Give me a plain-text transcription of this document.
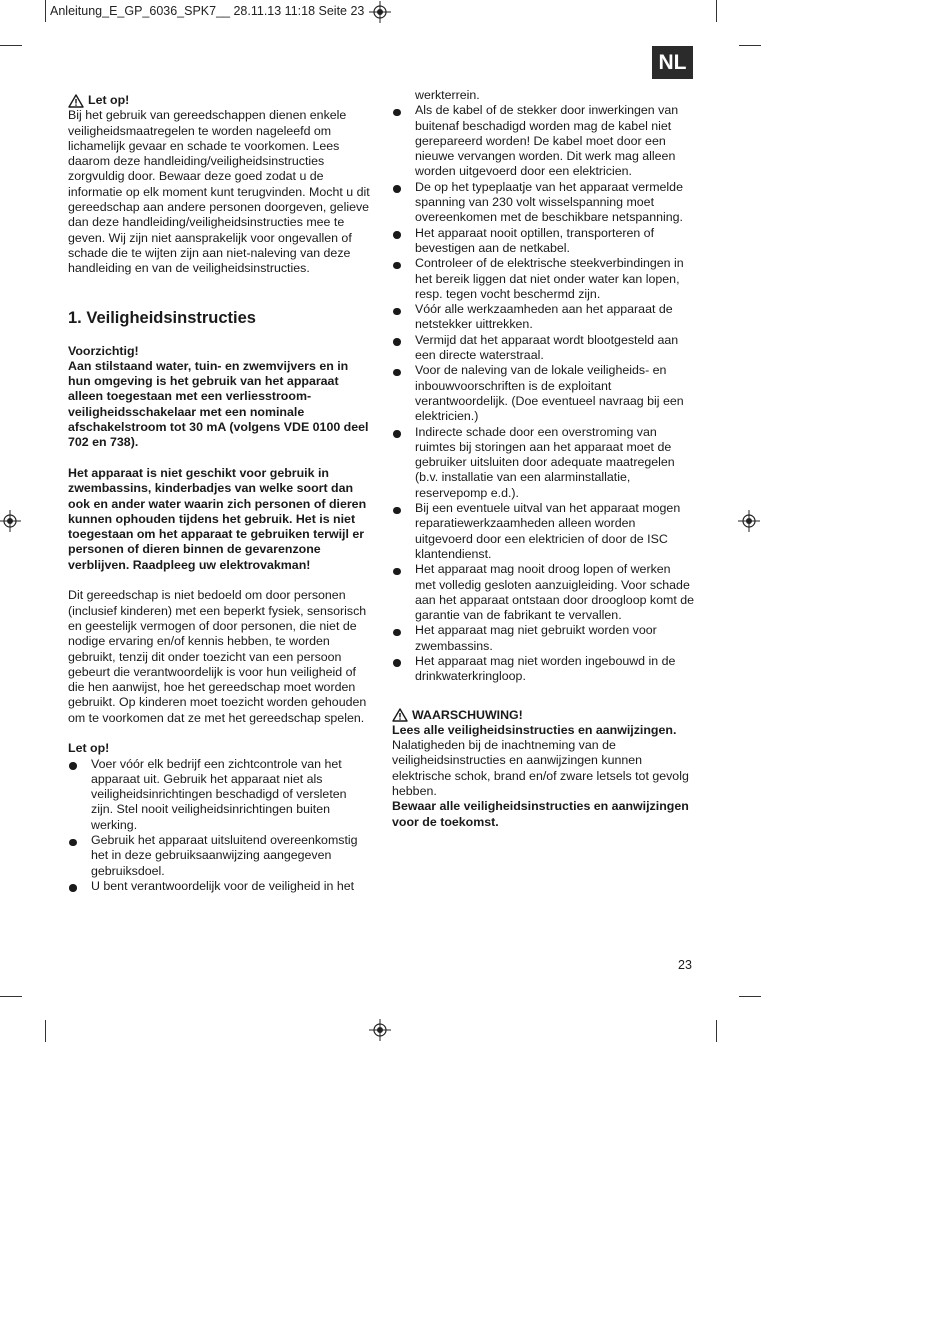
Anleitung_E_GP_6036_SPK7__ 28.11.13 11:18 Seite 23
NL
Let op!

Bij het gebruik van gereedschappen dienen enkele veiligheidsmaatregelen te worden nageleefd om lichamelijk gevaar en schade te voorkomen. Lees daarom deze handleiding/veiligheidsinstructies zorgvuldig door. Bewaar deze goed zodat u de informatie op elk moment kunt terugvinden. Mocht u dit gereedschap aan andere personen doorgeven, gelieve dan deze handleiding/veiligheidsinstructies mee te geven. Wij zijn niet aansprakelijk voor ongevallen of schade die te wijten zijn aan niet-naleving van deze handleiding en van de veiligheidsinstructies.

1. Veiligheidsinstructies

Voorzichtig!

Aan stilstaand water, tuin- en zwemvijvers en in hun omgeving is het gebruik van het apparaat alleen toegestaan met een verliesstroom-veiligheidsschakelaar met een nominale afschakelstroom tot 30 mA (volgens VDE 0100 deel 702 en 738).

Het apparaat is niet geschikt voor gebruik in zwembassins, kinderbadjes van welke soort dan ook en ander water waarin zich personen of dieren kunnen ophouden tijdens het gebruik. Het is niet toegestaan om het apparaat te gebruiken terwijl er personen of dieren binnen de gevarenzone verblijven. Raadpleeg uw elektrovakman!

Dit gereedschap is niet bedoeld om door personen (inclusief kinderen) met een beperkt fysiek, sensorisch en geestelijk vermogen of door personen, die niet de nodige ervaring en/of kennis hebben, te worden gebruikt, tenzij dit onder toezicht van een persoon gebeurt die verantwoordelijk is voor hun veiligheid of die hen aanwijst, hoe het gereedschap moet worden gebruikt. Op kinderen moet toezicht worden gehouden om te voorkomen dat ze met het gereedschap spelen.

Let op!

Voer vóór elk bedrijf een zichtcontrole van het apparaat uit. Gebruik het apparaat niet als veiligheidsinrichtingen beschadigd of versleten zijn. Stel nooit veiligheidsinrichtingen buiten werking.
Gebruik het apparaat uitsluitend overeenkomstig het in deze gebruiksaanwijzing aangegeven gebruiksdoel.
U bent verantwoordelijk voor de veiligheid in het

werkterrein.

Als de kabel of de stekker door inwerkingen van buitenaf beschadigd worden mag de kabel niet gerepareerd worden! De kabel moet door een nieuwe vervangen worden. Dit werk mag alleen worden uitgevoerd door een elektricien.
De op het typeplaatje van het apparaat vermelde spanning van 230 volt wisselspanning moet overeenkomen met de beschikbare netspanning.
Het apparaat nooit optillen, transporteren of bevestigen aan de netkabel.
Controleer of de elektrische steekverbindingen in het bereik liggen dat niet onder water kan lopen, resp. tegen vocht beschermd zijn.
Vóór alle werkzaamheden aan het apparaat de netstekker uittrekken.
Vermijd dat het apparaat wordt blootgesteld aan een directe waterstraal.
Voor de naleving van de lokale veiligheids- en inbouwvoorschriften is de exploitant verantwoordelijk. (Doe eventueel navraag bij een elektricien.)
Indirecte schade door een overstroming van ruimtes bij storingen aan het apparaat moet de gebruiker uitsluiten door adequate maatregelen (b.v. installatie van een alarminstallatie, reservepomp e.d.).
Bij een eventuele uitval van het apparaat mogen reparatiewerkzaamheden alleen worden uitgevoerd door een elektricien of door de ISC klantendienst.
Het apparaat mag nooit droog lopen of werken met volledig gesloten aanzuigleiding. Voor schade aan het apparaat ontstaan door droogloop komt de garantie van de fabrikant te vervallen.
Het apparaat mag niet gebruikt worden voor zwembassins.
Het apparaat mag niet worden ingebouwd in de drinkwaterkringloop.
WAARSCHUWING!

Lees alle veiligheidsinstructies en aanwijzingen.

Nalatigheden bij de inachtneming van de veiligheidsinstructies en aanwijzingen kunnen elektrische schok, brand en/of zware letsels tot gevolg hebben.

Bewaar alle veiligheidsinstructies en aanwijzingen voor de toekomst.

23
